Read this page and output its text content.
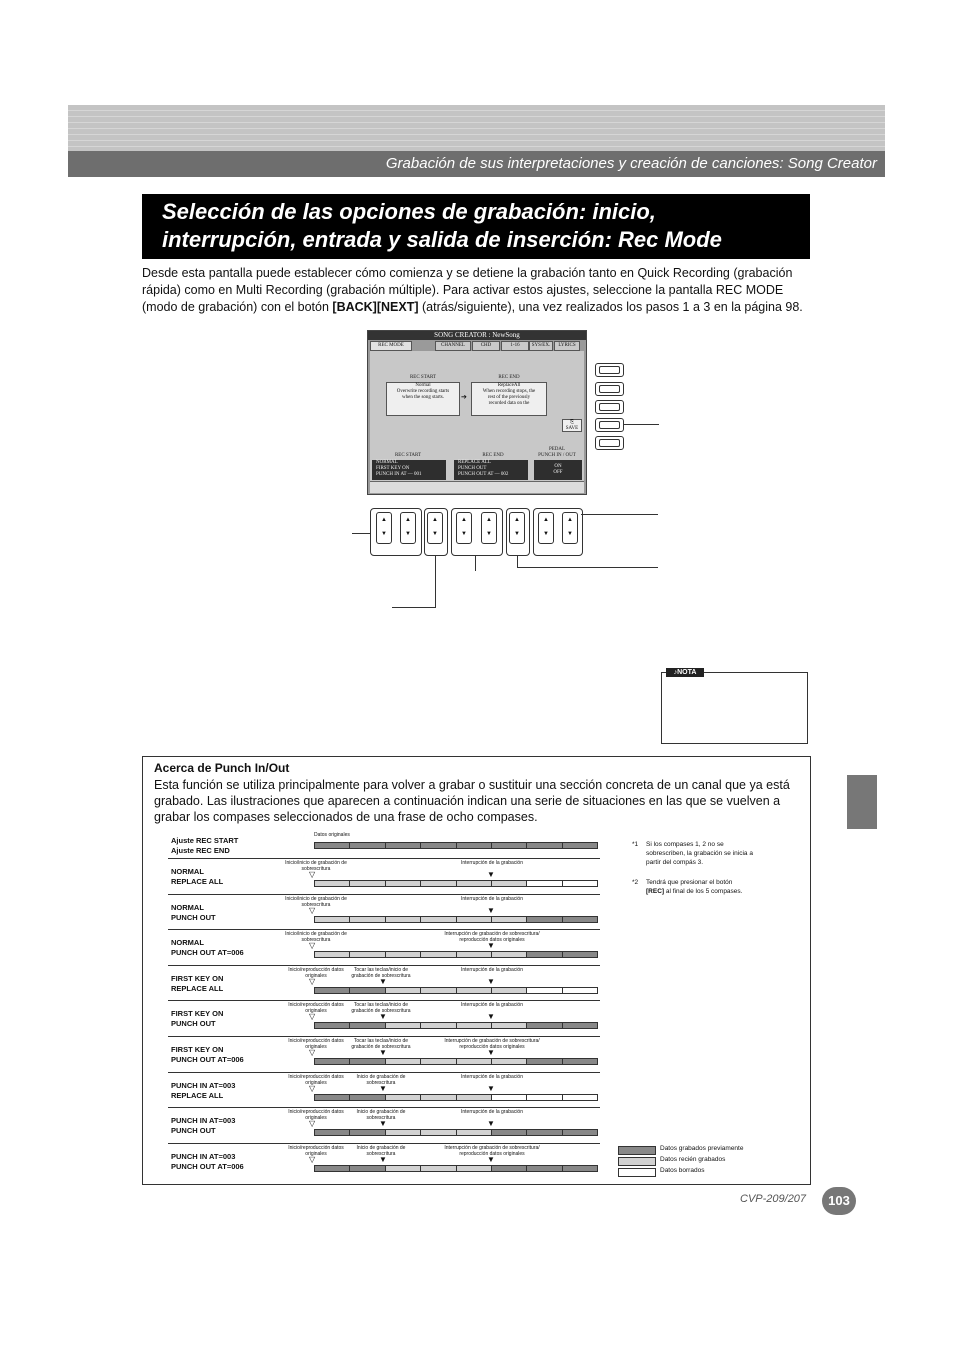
Grabación de sus interpretaciones y creación de canciones: Song Creator
Selección de las opciones de grabación: inicio,
interrupción, entrada y salida de inserción: Rec Mode

Desde esta pantalla puede establecer cómo comienza y se detiene la grabación tanto en Quick Recording (grabación rápida) como en Multi Recording (grabación múltiple). Para activar estos ajustes, seleccione la pantalla REC MODE (modo de grabación) con el botón [BACK][NEXT] (atrás/siguiente), una vez realizados los pasos 1 a 3 en la página 98.

SONG CREATOR : NewSong
REC MODE	CHANNEL	CHD	1-16	SYS/EX.	LYRICS
REC START
Normal
Overwrite recording starts
when the song starts.	➔
REC END
ReplaceAll
When recording stops, the
rest of the previously
recorded data on the
⎘
SAVE
REC START	REC END
PEDAL
PUNCH IN / OUT
NORMAL
FIRST KEY ON
PUNCH IN AT — 001
REPLACE ALL
PUNCH OUT
PUNCH OUT AT — 002
ON
OFF
▲
▼
▲
▼
▲
▼
▲
▼
▲
▼
▲
▼
▲
▼
▲
▼
♪NOTA
Acerca de Punch In/Out

Esta función se utiliza principalmente para volver a grabar o sustituir una sección concreta de un canal que ya está grabado. Las ilustraciones que aparecen a continuación indican una serie de situaciones en las que se vuelven a grabar los compases seleccionados de una frase de ocho compases.

Ajuste REC START
Ajuste REC END
Datos originales
NORMAL
REPLACE ALL
Inicio/inicio de grabación de sobrescritura
Interrupción de la grabación
▽	▼
NORMAL
PUNCH OUT
Inicio/inicio de grabación de sobrescritura
Interrupción de la grabación
▽	▼
NORMAL
PUNCH OUT AT=006
Inicio/inicio de grabación de sobrescritura
Interrupción de grabación de sobrescritura/ reproducción datos originales
▽	▼
FIRST KEY ON
REPLACE ALL
Inicio/reproducción datos originales
Tocar las teclas/inicio de grabación de sobrescritura
Interrupción de la grabación
▽	▼	▼
FIRST KEY ON
PUNCH OUT
Inicio/reproducción datos originales
Tocar las teclas/inicio de grabación de sobrescritura
Interrupción de la grabación
▽	▼	▼
FIRST KEY ON
PUNCH OUT AT=006
Inicio/reproducción datos originales
Tocar las teclas/inicio de grabación de sobrescritura
Interrupción de grabación de sobrescritura/ reproducción datos originales
▽	▼	▼
PUNCH IN AT=003
REPLACE ALL
Inicio/reproducción datos originales
Inicio de grabación de sobrescritura
Interrupción de la grabación
▽	▼	▼
PUNCH IN AT=003
PUNCH OUT
Inicio/reproducción datos originales
Inicio de grabación de sobrescritura
Interrupción de la grabación
▽	▼	▼
PUNCH IN AT=003
PUNCH OUT AT=006
Inicio/reproducción datos originales
Inicio de grabación de sobrescritura
Interrupción de grabación de sobrescritura/ reproducción datos originales
▽	▼	▼
*1 Si los compases 1, 2 no se sobrescriben, la grabación se inicia a partir del compás 3.
*2 Tendrá que presionar el botón
[REC] al final de los 5 compases.
Datos grabados previamente
Datos recién grabados
Datos borrados
CVP-209/207	103
